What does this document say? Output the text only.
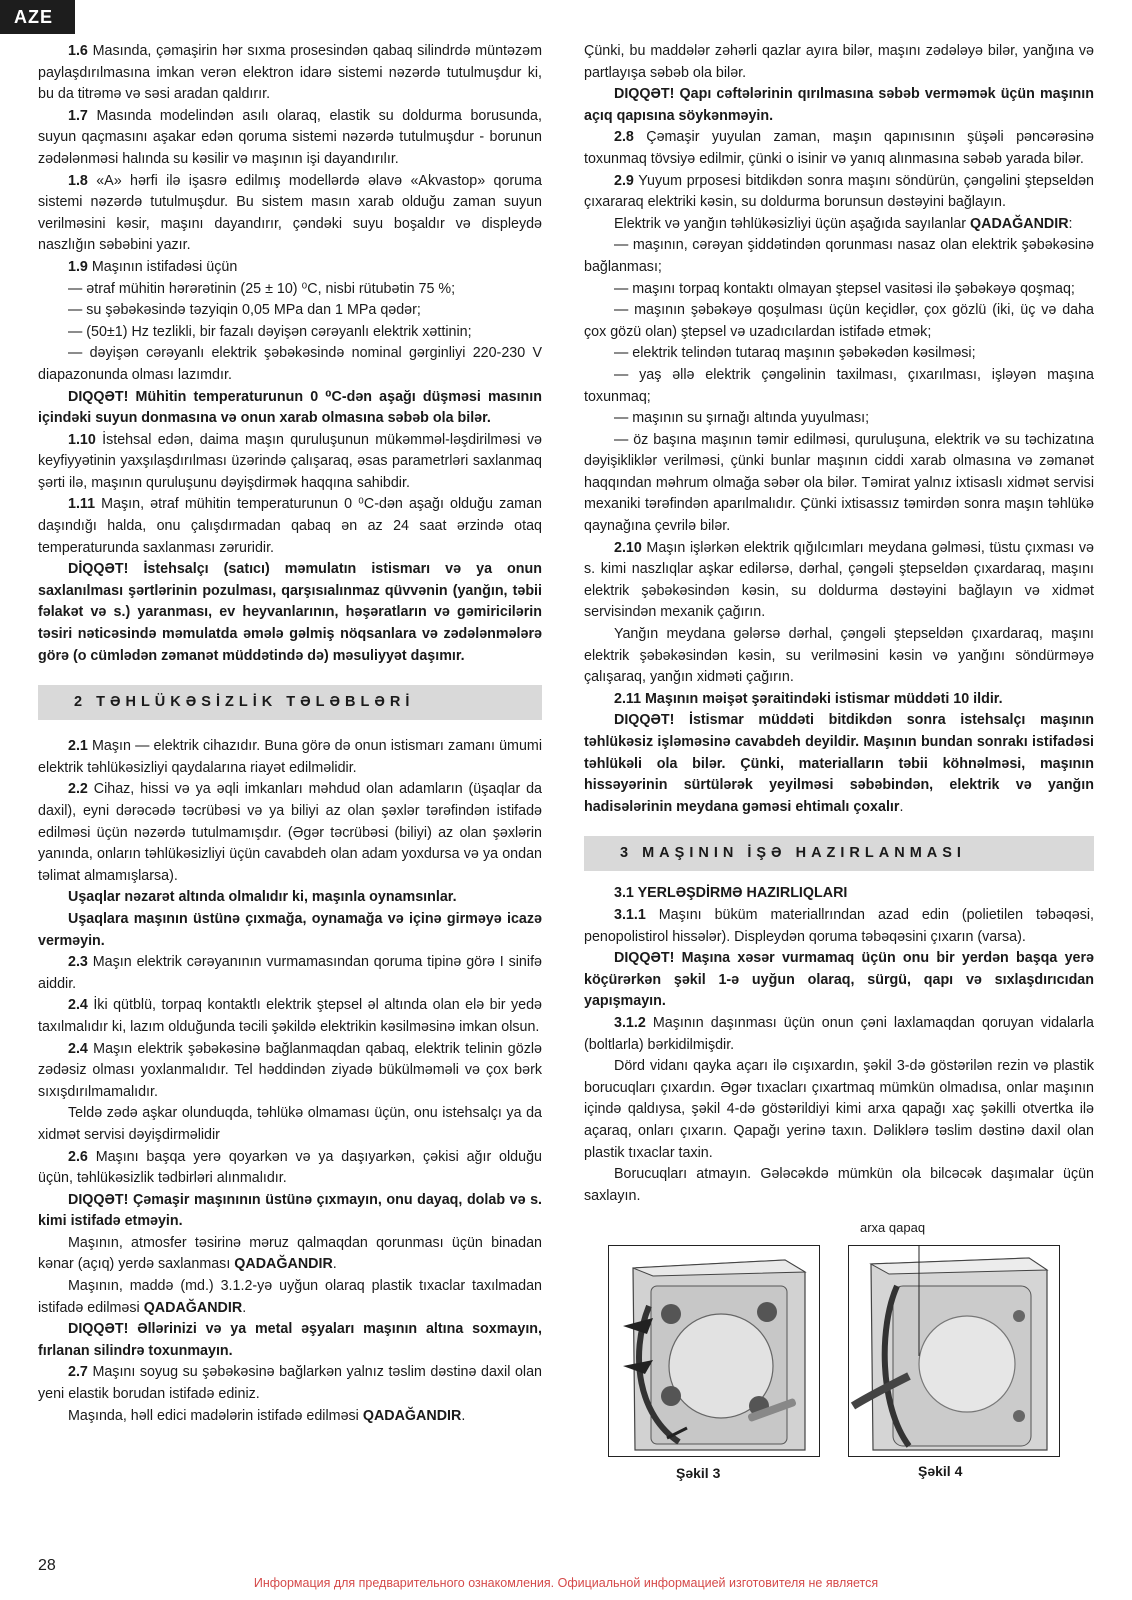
AZE

1.6 Masında, çəmaşirin hər sıxma prosesindən qabaq silindrdə müntəzəm paylaşdırılmasına imkan verən elektron idarə sistemi nəzərdə tutulmuşdur ki, bu da titrəmə və səsi aradan qaldırır.

1.7 Masında modelindən asılı olaraq, elastik su doldurma borusunda, suyun qaçmasını aşakar edən qoruma sistemi nəzərdə tutulmuşdur - borunun zədələnməsi halında su kəsilir və maşının işi dayandırılır.

1.8 «A» hərfi ilə işasrə edilmış modellərdə əlavə «Akvastop» qoruma sistemi nəzərdə tutulmuşdur. Bu sistem masın xarab olduğu zaman suyun verilməsini kəsir, maşını dayandırır, çəndəki suyu boşaldır və displeydə naszlığın səbəbini yazır.

1.9 Maşının istifadəsi üçün

— ətraf mühitin hərərətinin (25 ± 10) ⁰C, nisbi rütubətin 75 %;

— su şəbəkəsində təzyiqin 0,05 MPa dan 1 MPa qədər;

— (50±1) Hz tezlikli, bir fazalı dəyişən cərəyanlı elektrik xəttinin;

— dəyişən cərəyanlı elektrik şəbəkəsində nominal gərginliyi 220-230 V diapazonunda olması lazımdır.

DIQQƏT! Mühitin temperaturunun 0 ⁰C-dən aşağı düşməsi masının içindəki suyun donmasına və onun xarab olmasına səbəb ola bilər.

1.10 İstehsal edən, daima maşın quruluşunun mükəmməl-ləşdirilməsi və keyfiyyətinin yaxşılaşdırılması üzərində çalışaraq, əsas parametrləri saxlanmaq şərti ilə, maşının quruluşunu dəyişdirmək haqqına sahibdir.

1.11 Maşın, ətraf mühitin temperaturunun 0 ⁰C-dən aşağı olduğu zaman daşındığı halda, onu çalışdırmadan qabaq ən az 24 saat ərzində otaq temperaturunda saxlanması zəruridir.

DİQQƏT! İstehsalçı (satıcı) məmulatın istismarı və ya onun saxlanılması şərtlərinin pozulması, qarşısıalınmaz qüvvənin (yanğın, təbii fəlakət və s.) yaranması, ev heyvanlarının, həşəratların və gəmiricilərin təsiri nəticəsində məmulatda əmələ gəlmiş nöqsanlara və zədələnmələrə görə (o cümlədən zəmanət müddətində də) məsuliyyət daşımır.

2 TƏHLÜKƏSİZLİK TƏLƏBLƏRİ

2.1 Maşın — elektrik cihazıdır. Buna görə də onun istismarı zamanı ümumi elektrik təhlükəsizliyi qaydalarına riayət edilməlidir.

2.2 Cihaz, hissi və ya əqli imkanları məhdud olan adamların (üşaqlar da daxil), eyni dərəcədə təcrübəsi və ya biliyi az olan şəxlər tərəfindən istifadə edilməsi üçün nəzərdə tutulmamışdır. (Əgər təcrübəsi (biliyi) az olan şəxlərin yanında, onların təhlükəsizliyi üçün cavabdeh olan adam yoxdursa və ya ondan təlimat almamışlarsa).

Uşaqlar nəzarət altında olmalıdır ki, maşınla oynamsınlar.

Uşaqlara maşının üstünə çıxmağa, oynamağa və içinə girməyə icazə verməyin.

2.3 Maşın elektrik cərəyanının vurmamasından qoruma tipinə görə I sinifə aiddir.

2.4 İki qütblü, torpaq kontaktlı elektrik ştepsel əl altında olan elə bir yedə taxılmalıdır ki, lazım olduğunda təcili şəkildə elektrikin kəsilməsinə imkan olsun.

2.4 Maşın elektrik şəbəkəsinə bağlanmaqdan qabaq, elektrik telinin gözlə zədəsiz olması yoxlanmalıdır. Tel həddindən ziyadə bükülməməli və çox bərk sıxışdırılmamalıdır.

Teldə zədə aşkar olunduqda, təhlükə olmaması üçün, onu istehsalçı ya da xidmət servisi dəyişdirməlidir

2.6 Maşını başqa yerə qoyarkən və ya daşıyarkən, çəkisi ağır olduğu üçün, təhlükəsizlik tədbirləri alınmalıdır.

DIQQƏT! Çəmaşir maşınının üstünə çıxmayın, onu dayaq, dolab və s. kimi istifadə etməyin.

Maşının, atmosfer təsirinə məruz qalmaqdan qorunması üçün binadan kənar (açıq) yerdə saxlanması QADAĞANDIR.

Maşının, maddə (md.) 3.1.2-yə uyğun olaraq plastik tıxaclar taxılmadan istifadə edilməsi QADAĞANDIR.

DIQQƏT! Əllərinizi və ya metal əşyaları maşının altına soxmayın, fırlanan silindrə toxunmayın.

2.7 Maşını soyug su şəbəkəsinə bağlarkən yalnız təslim dəstinə daxil olan yeni elastik borudan istifadə ediniz.

Maşında, həll edici madələrin istifadə edilməsi QADAĞANDIR.

Çünki, bu maddələr zəhərli qazlar ayıra bilər, maşını zədələyə bilər, yanğına və partlayışa səbəb ola bilər.

DIQQƏT! Qapı cəftələrinin qırılmasına səbəb verməmək üçün maşının açıq qapısına söykənməyin.

2.8 Çəmaşir yuyulan zaman, maşın qapınısının şüşəli pəncərəsinə toxunmaq tövsiyə edilmir, çünki o isinir və yanıq alınmasına səbəb yarada bilər.

2.9 Yuyum prposesi bitdikdən sonra maşını söndürün, çəngəlini ştepseldən çıxararaq elektriki kəsin, su doldurma borunsun dəstəyini bağlayın.

Elektrik və yanğın təhlükəsizliyi üçün aşağıda sayılanlar QADAĞANDIR:

— maşının, cərəyan şiddətindən qorunması nasaz olan elektrik şəbəkəsinə bağlanması;

— maşını torpaq kontaktı olmayan ştepsel vasitəsi ilə şəbəkəyə qoşmaq;

— maşının şəbəkəyə qoşulması üçün keçidlər, çox gözlü (iki, üç və daha çox gözü olan) ştepsel və uzadıcılardan istifadə etmək;

— elektrik telindən tutaraq maşının şəbəkədən kəsilməsi;

— yaş əllə elektrik çəngəlinin taxilması, çıxarılması, işləyən maşına toxunmaq;

— maşının su şırnağı altında yuyulması;

— öz başına maşının təmir edilməsi, quruluşuna, elektrik və su təchizatına dəyişikliklər verilməsi, çünki bunlar maşının ciddi xarab olmasına və zəmanət haqqından məhrum olmağa səbər ola bilər. Təmirat yalnız ixtisaslı xidmət servisi mexaniki tərəfindən aparılmalıdır. Çünki ixtisassız təmirdən sonra maşın təhlükə qaynağına çevrilə bilər.

2.10 Maşın işlərkən elektrik qığılcımları meydana gəlməsi, tüstu çıxması və s. kimi naszlıqlar aşkar edilərsə, dərhal, çəngəli ştepseldən çıxardaraq, maşını elektrik şəbəkəsindən kəsin, su doldurma dəstəyini bağlayın və xidmət servisindən mexanik çağırın.

Yanğın meydana gələrsə dərhal, çəngəli ştepseldən çıxardaraq, maşını elektrik şəbəkəsindən kəsin, su verilməsini kəsin və yanğını söndürməyə çalışaraq, yanğın xidməti çağırın.

2.11 Maşının məişət şəraitindəki istismar müddəti 10 ildir.

DIQQƏT! İstismar müddəti bitdikdən sonra istehsalçı maşının təhlükəsiz işləməsinə cavabdeh deyildir. Maşının bundan sonrakı istifadəsi təhlükəli ola bilər. Çünki, materialların təbii köhnəlməsi, maşının hissəyərinin sürtülərək yeyilməsi səbəbindən, elektrik və yanğın hadisələrinin meydana gəməsi ehtimalı çoxalır.

3 MAŞININ İŞƏ HAZIRLANMASI

3.1 YERLƏŞDİRMƏ HAZIRLIQLARI

3.1.1 Maşını büküm materiallrından azad edin (polietilen təbəqəsi, penopolistirol hissələr). Displeydən qoruma təbəqəsini çıxarın (varsa).

DIQQƏT! Maşına xəsər vurmamaq üçün onu bir yerdən başqa yerə köçürərkən şəkil 1-ə uyğun olaraq, sürgü, qapı və sıxlaşdırıcıdan yapışmayın.

3.1.2 Maşının daşınması üçün onun çəni laxlamaqdan qoruyan vidalarla (boltlarla) bərkidilmişdir.

Dörd vidanı qayka açarı ilə cışıxardın, şəkil 3-də göstərilən rezin və plastik borucuqları çıxardın. Əgər tıxacları çıxartmaq mümkün olmadısa, onlar maşının içində qaldıysa, şəkil 4-də göstərildiyi kimi arxa qapağı xaç şəkilli otvertka ilə açaraq, onları çıxarın. Qapağı yerinə taxın. Dəliklərə təslim dəstinə daxil olan plastik tıxaclar taxin.

Borucuqları atmayın. Gələcəkdə mümkün ola bilcəcək daşımalar üçün saxlayın.

arxa qapaq
Şəkil 3	Şəkil 4
28
Информация для предварительного ознакомления. Официальной информацией изготовителя не является
